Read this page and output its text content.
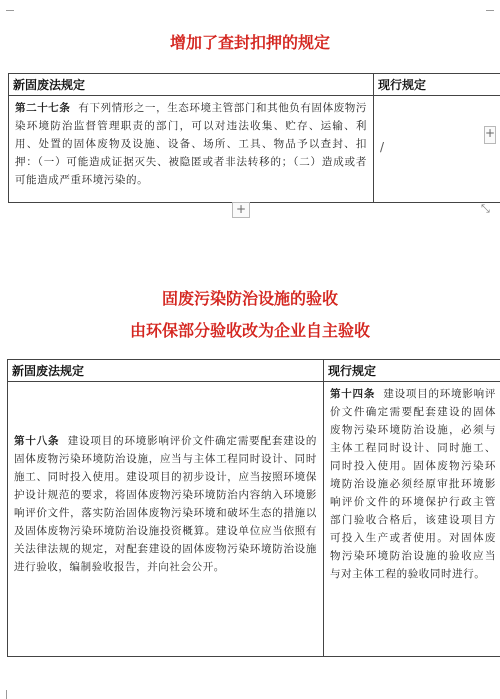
增加了查封扣押的规定
新固废法规定	现行规定

第二十七条 有下列情形之一，生态环境主管部门和其他负有固体废物污染环境防治监督管理职责的部门，可以对违法收集、贮存、运输、利用、处置的固体废物及设施、设备、场所、工具、物品予以查封、扣押：（一）可能造成证据灭失、被隐匿或者非法转移的；（二）造成或者可能造成严重环境污染的。	/
+
+
⤡
固废污染防治设施的验收
由环保部分验收改为企业自主验收
新固废法规定	现行规定

第十八条 建设项目的环境影响评价文件确定需要配套建设的固体废物污染环境防治设施，应当与主体工程同时设计、同时施工、同时投入使用。建设项目的初步设计，应当按照环境保护设计规范的要求，将固体废物污染环境防治内容纳入环境影响评价文件，落实防治固体废物污染环境和破坏生态的措施以及固体废物污染环境防治设施投资概算。建设单位应当依照有关法律法规的规定，对配套建设的固体废物污染环境防治设施进行验收，编制验收报告，并向社会公开。	第十四条 建设项目的环境影响评价文件确定需要配套建设的固体废物污染环境防治设施，必须与主体工程同时设计、同时施工、同时投入使用。固体废物污染环境防治设施必须经原审批环境影响评价文件的环境保护行政主管部门验收合格后，该建设项目方可投入生产或者使用。对固体废物污染环境防治设施的验收应当与对主体工程的验收同时进行。
